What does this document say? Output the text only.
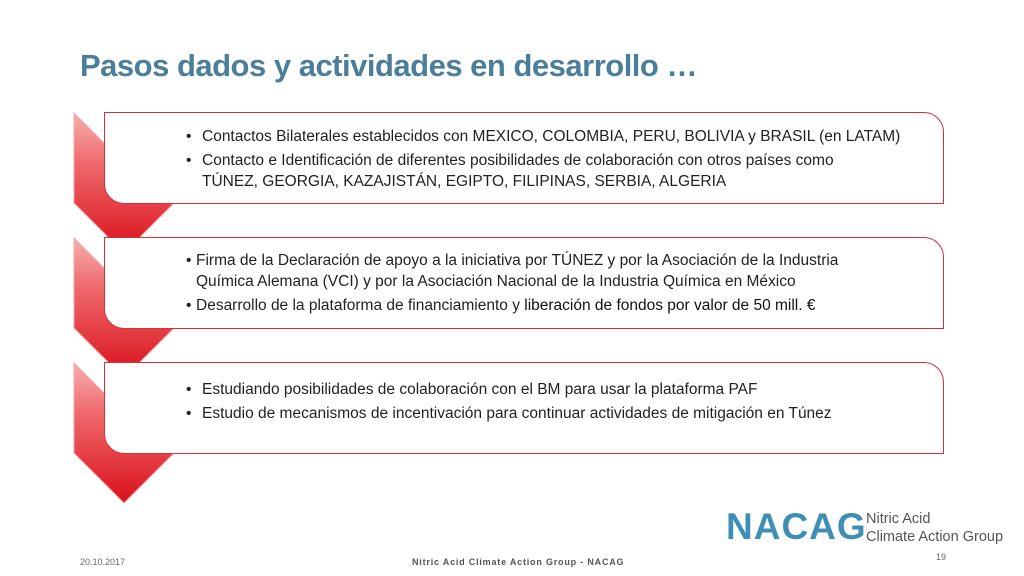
Pasos dados y actividades en desarrollo …
• Contactos Bilaterales establecidos con MEXICO, COLOMBIA, PERU, BOLIVIA y BRASIL (en LATAM)
• Contacto e Identificación de diferentes posibilidades de colaboración con otros países como
TÚNEZ, GEORGIA, KAZAJISTÁN, EGIPTO, FILIPINAS, SERBIA, ALGERIA
• Firma de la Declaración de apoyo a la iniciativa por TÚNEZ y por la Asociación de la Industria
Química Alemana (VCI) y por la Asociación Nacional de la Industria Química en México
• Desarrollo de la plataforma de financiamiento y liberación de fondos por valor de 50 mill. €
• Estudiando posibilidades de colaboración con el BM para usar la plataforma PAF
• Estudio de mecanismos de incentivación para continuar actividades de mitigación en Túnez
NACAG Nitric Acid
Climate Action Group
20.10.2017	Nitric Acid Climate Action Group - NACAG	19
